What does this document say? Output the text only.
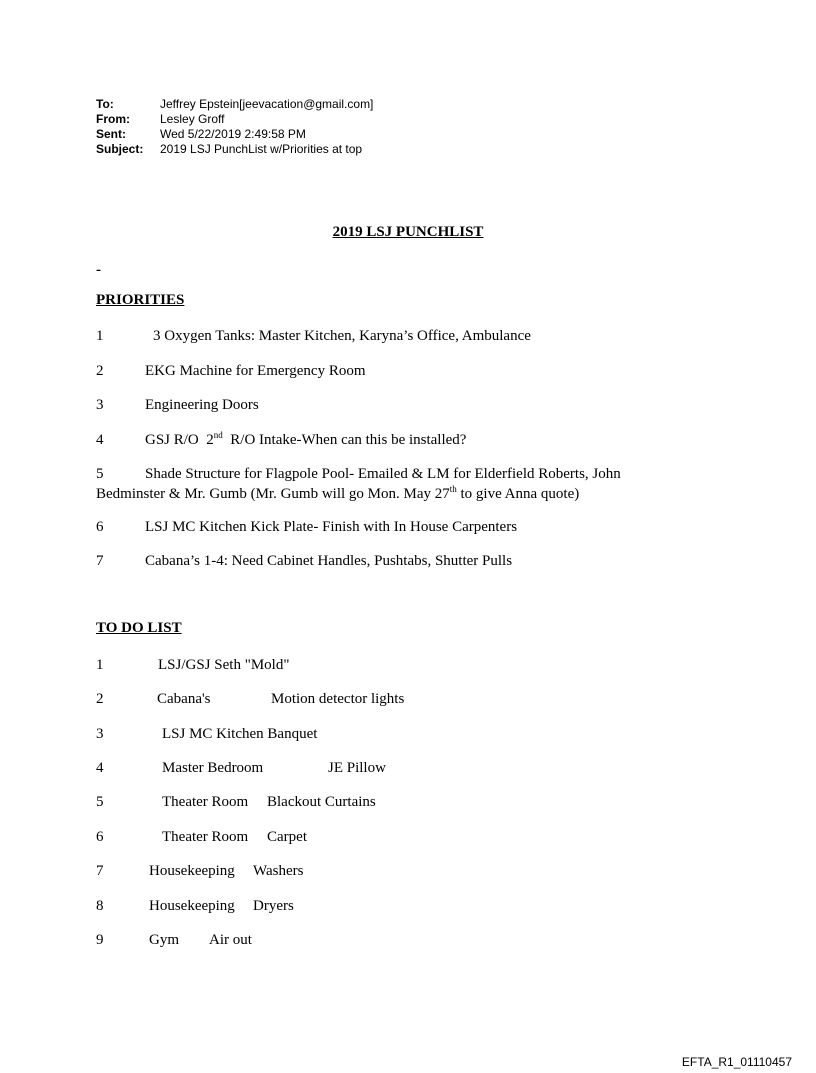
To:	Jeffrey Epstein[jeevacation@gmail.com]
From:	Lesley Groff
Sent:	Wed 5/22/2019 2:49:58 PM
Subject:	2019 LSJ PunchList w/Priorities at top
2019 LSJ PUNCHLIST
-
PRIORITIES
1	3 Oxygen Tanks: Master Kitchen, Karyna’s Office, Ambulance
2	EKG Machine for Emergency Room
3	Engineering Doors
4	GSJ R/O  2nd  R/O Intake-When can this be installed?
5	Shade Structure for Flagpole Pool- Emailed & LM for Elderfield Roberts, John
Bedminster & Mr. Gumb (Mr. Gumb will go Mon. May 27th to give Anna quote)
6	LSJ MC Kitchen Kick Plate- Finish with In House Carpenters
7	Cabana’s 1-4: Need Cabinet Handles, Pushtabs, Shutter Pulls
TO DO LIST
1	LSJ/GSJ Seth "Mold"
2	Cabana's	Motion detector lights
3	LSJ MC Kitchen Banquet
4	Master Bedroom	JE Pillow
5	Theater Room Blackout Curtains
6	Theater Room Carpet
7	Housekeeping Washers
8	Housekeeping Dryers
9	Gym Air out
EFTA_R1_01110457
